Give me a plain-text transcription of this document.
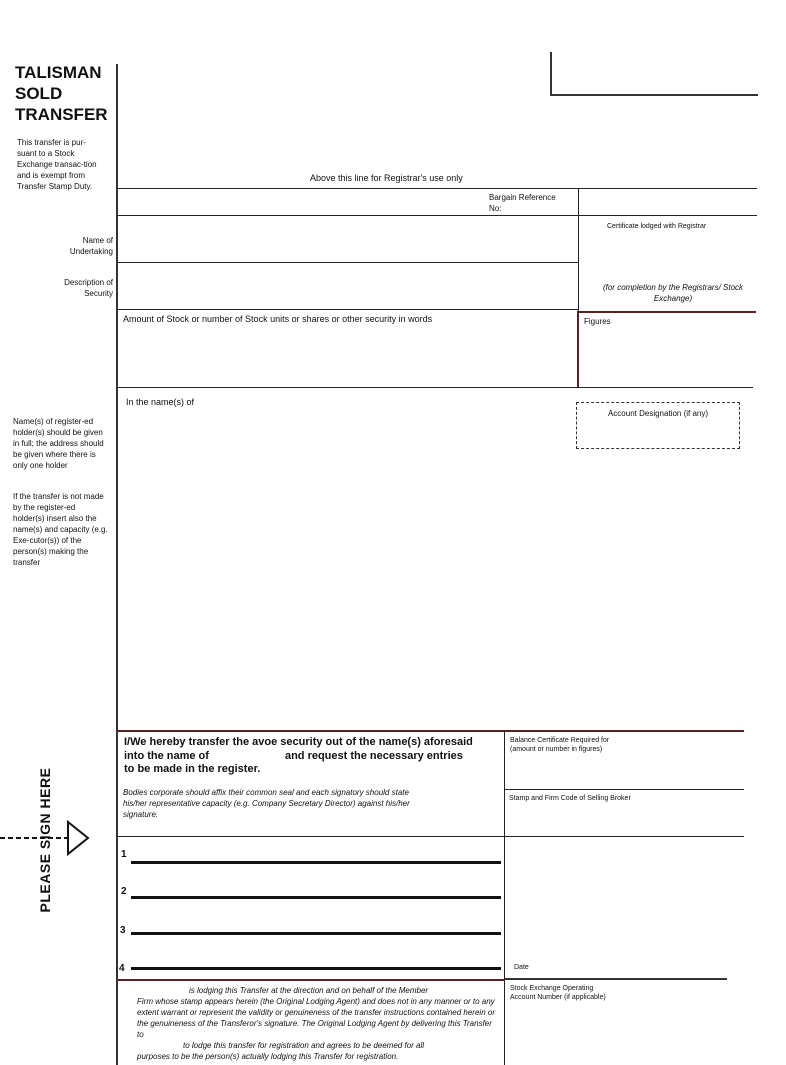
TALISMAN
SOLD
TRANSFER
This transfer is pur-suant to a Stock Exchange transac-tion and is exempt from Transfer Stamp Duty.
Above this line for Registrar's use only
Bargain Reference No:
Name of Undertaking
Description of Security
Certificate lodged with Registrar
(for completion by the Registrars/ Stock Exchange)
Amount of Stock or number of Stock units or shares or other security in words	Figures
In the name(s) of
Account Designation (if any)
Name(s) of register-ed holder(s) should be given in full; the address should be given where there is only one holder
If the transfer is not made by the register-ed holder(s) insert also the name(s) and capacity (e.g. Exe-cutor(s)) of the person(s) making the transfer
I/We hereby transfer the avoe security out of the name(s) aforesaid
into the name of	and request the necessary entries
to be made in the register.
Bodies corporate should affix their common seal and each signatory should state his/her representative capacity (e.g. Company Secretary Director) against his/her signature.
Balance Certificate Required for (amount or number in figures)
Stamp and Firm Code of Selling Broker
PLEASE SIGN HERE	1
2
3
4	Date
is lodging this Transfer at the direction and on behalf of the Member
Firm whose stamp appears herein (the Original Lodging Agent) and does not in any manner or to any extent warrant or represent the validity or genuineness of the transfer instructions contained herein or the genuineness of the Transferor's signature. The Original Lodging Agent by delivering this Transfer to
to lodge this transfer for registration and agrees to be deemed for all
purposes to be the person(s) actually lodging this Transfer for registration.
Stock Exchange Operating Account Number (if applicable)
